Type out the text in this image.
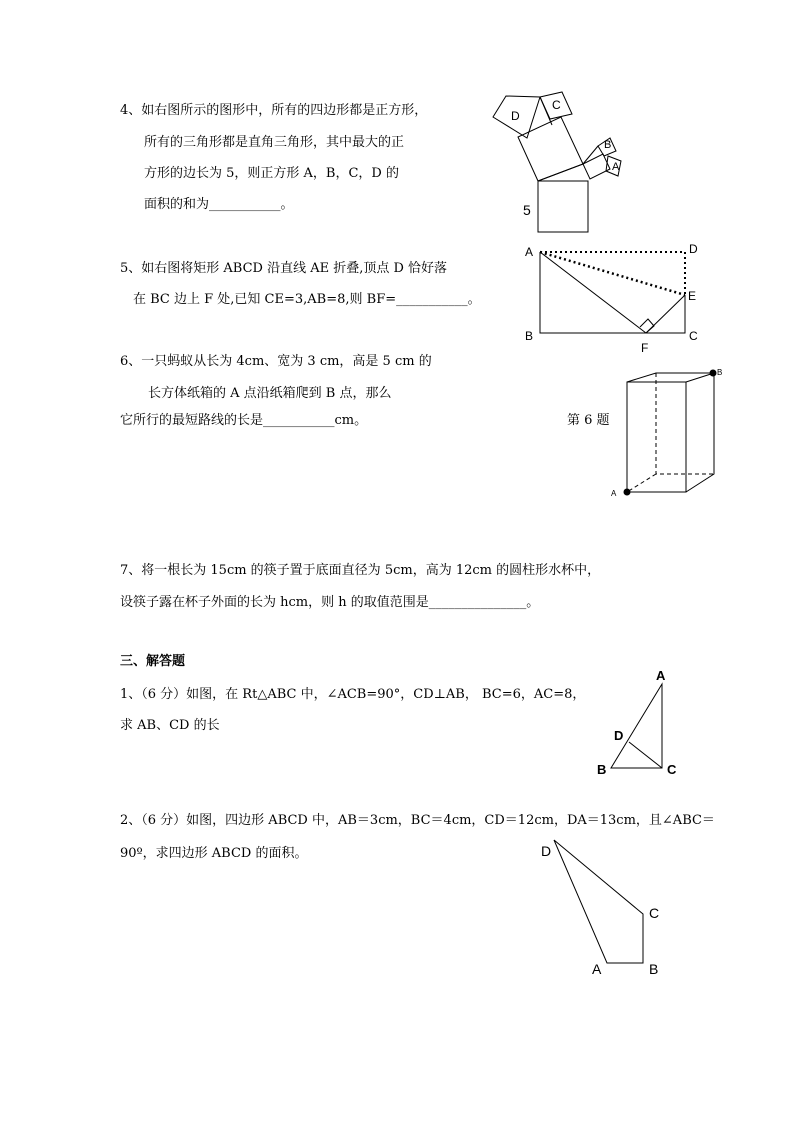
4、如右图所示的图形中，所有的四边形都是正方形，
所有的三角形都是直角三角形，其中最大的正
方形的边长为 5，则正方形 A，B，C，D 的
面积的和为___________。
D
C
B
A
5
5、如右图将矩形 ABCD 沿直线 AE 折叠,顶点 D 恰好落
在 BC 边上 F 处,已知 CE=3,AB=8,则 BF=___________。
A	D
E
B	C
F
6、一只蚂蚁从长为 4cm、宽为 3 cm，高是 5 cm 的
长方体纸箱的 A 点沿纸箱爬到 B 点，那么
它所行的最短路线的长是___________cm。	第 6 题
A
B
7、将一根长为 15cm 的筷子置于底面直径为 5cm，高为 12cm 的圆柱形水杯中，
设筷子露在杯子外面的长为 hcm，则 h 的取值范围是_______________。
三、解答题
1、（6 分）如图，在 Rt△ABC 中，∠ACB=90°，CD⊥AB， BC=6，AC=8，
求 AB、CD 的长
A
D
B	C
2、（6 分）如图，四边形 ABCD 中，AB＝3cm，BC＝4cm，CD＝12cm，DA＝13cm，且∠ABC＝
90º，求四边形 ABCD 的面积。	D
C
A	B
